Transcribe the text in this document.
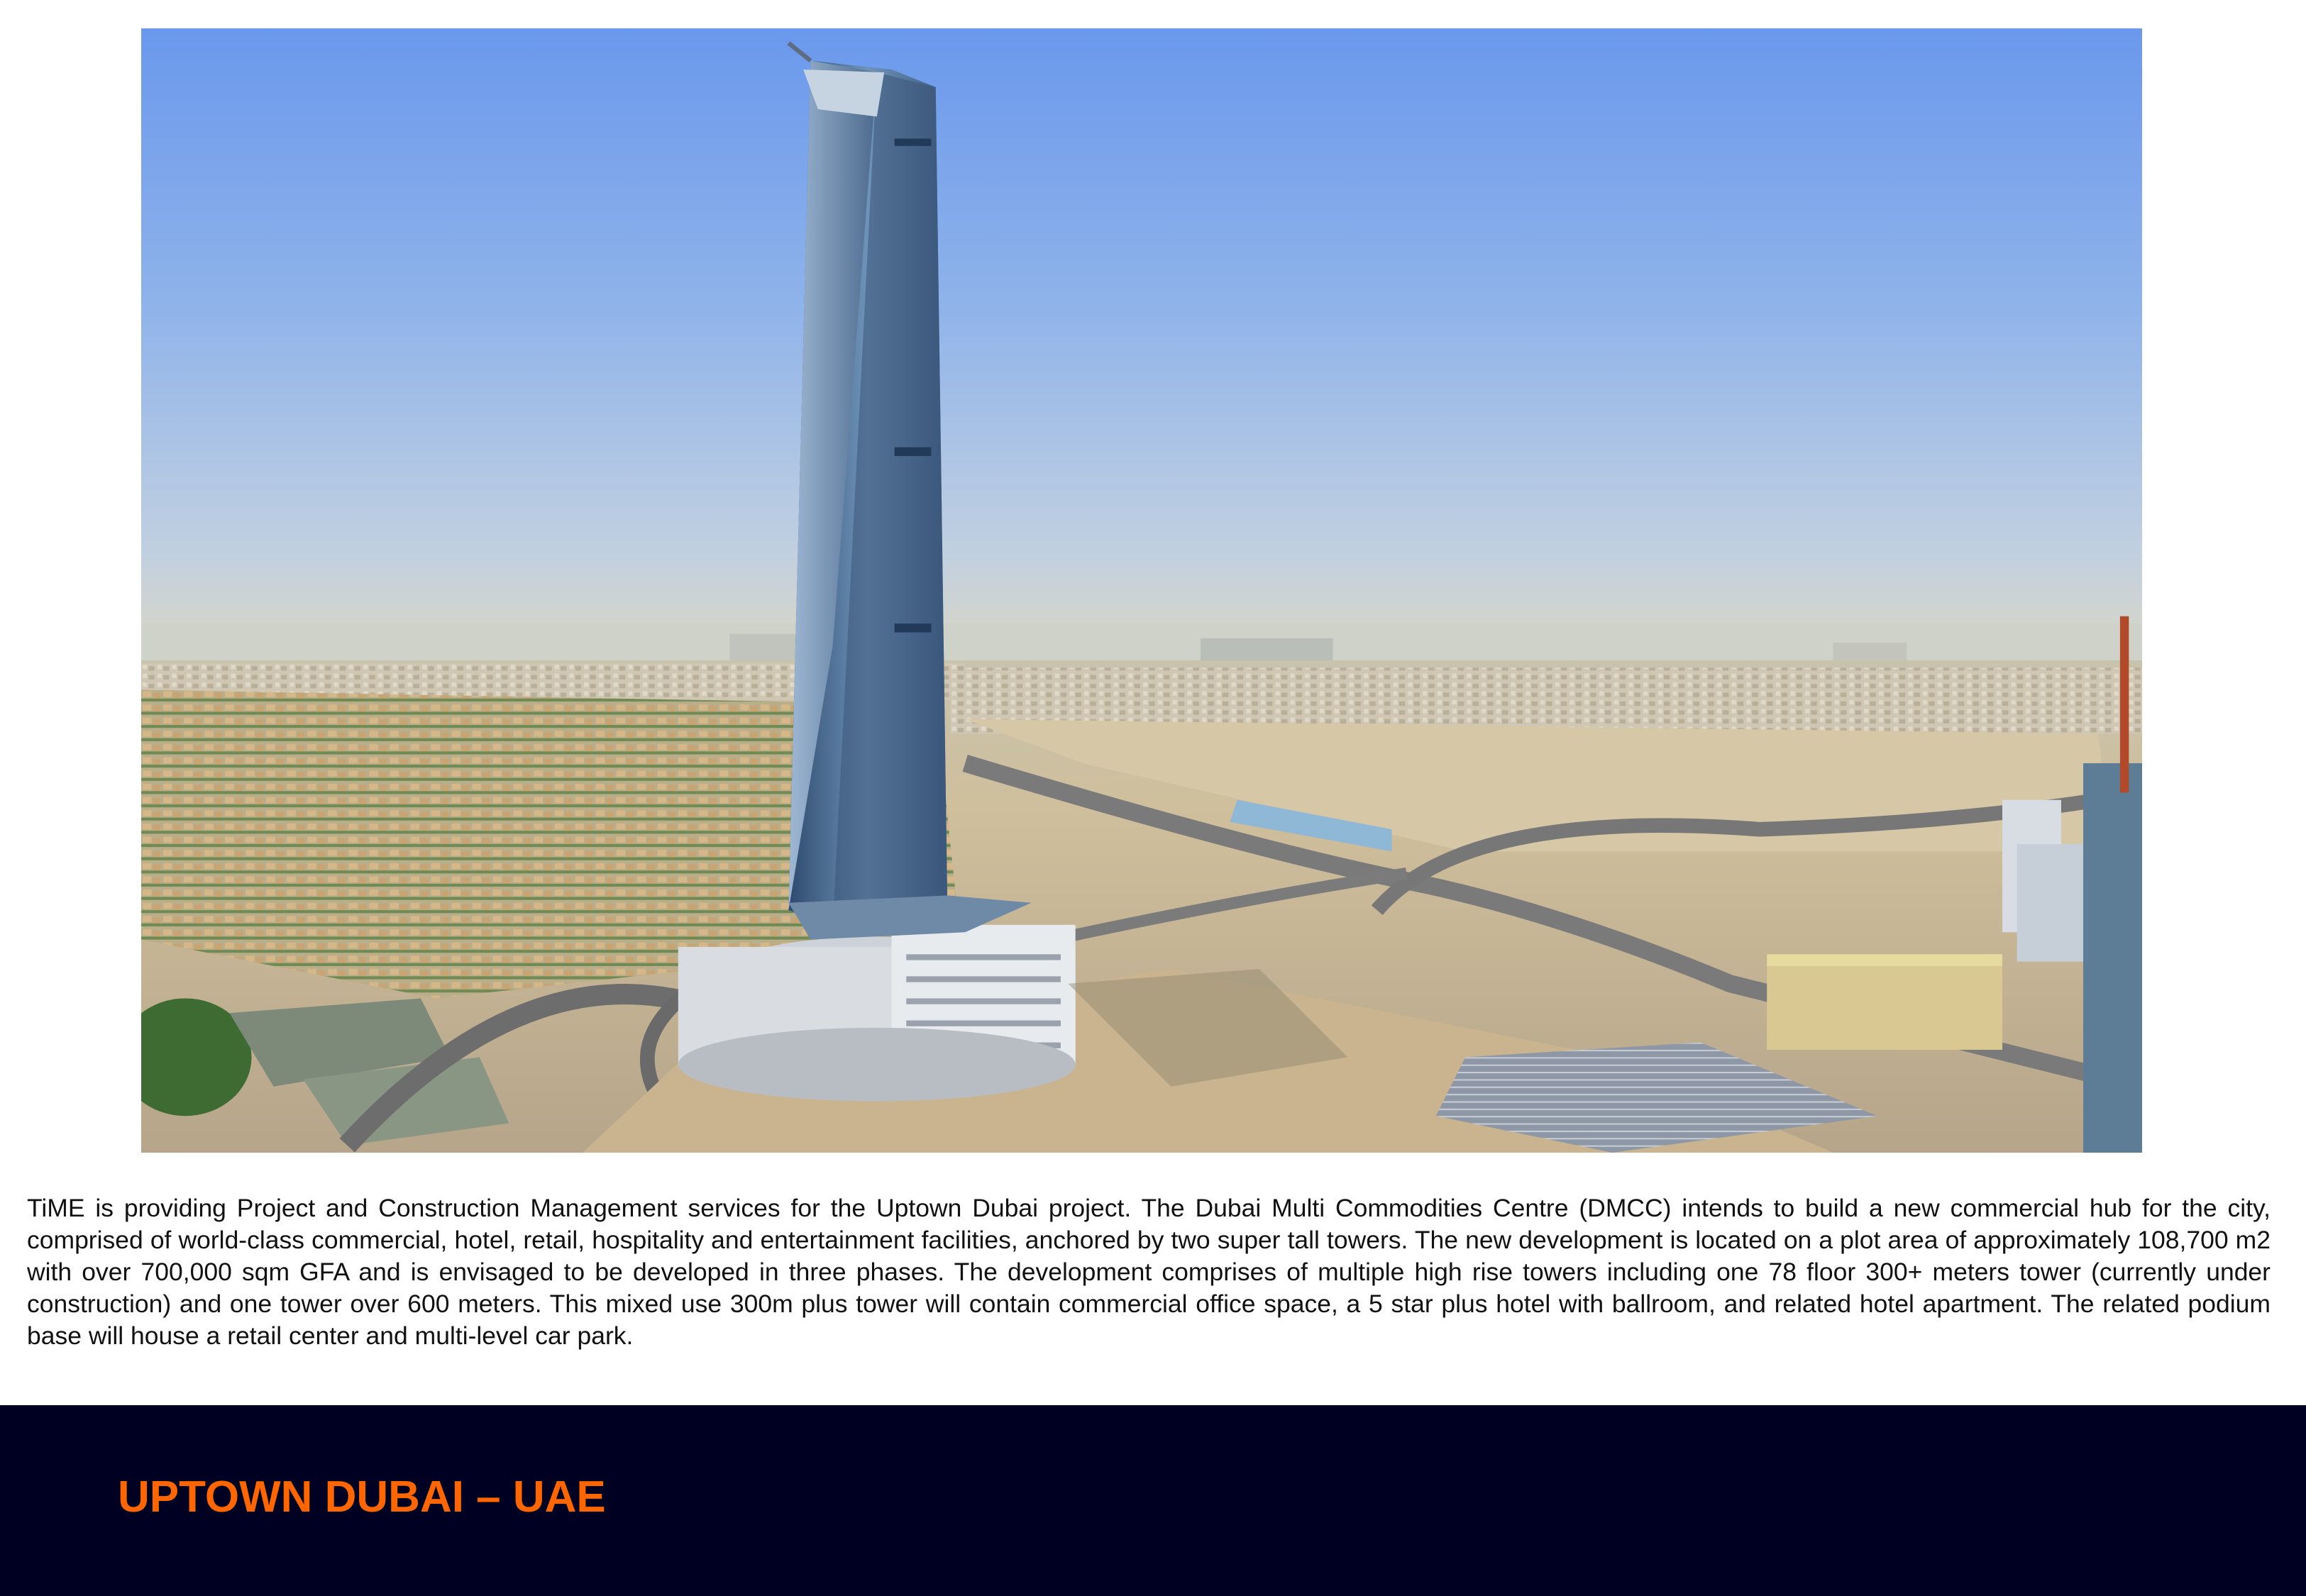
TiME is providing Project and Construction Management services for the Uptown Dubai project. The Dubai Multi Commodities Centre (DMCC) intends to build a new commercial hub for the city, comprised of world-class commercial, hotel, retail, hospitality and entertainment facilities, anchored by two super tall towers. The new development is located on a plot area of approximately 108,700 m2 with over 700,000 sqm GFA and is envisaged to be developed in three phases. The development comprises of multiple high rise towers including one 78 floor 300+ meters tower (currently under construction) and one tower over 600 meters. This mixed use 300m plus tower will contain commercial office space, a 5 star plus hotel with ballroom, and related hotel apartment. The related podium base will house a retail center and multi-level car park.

UPTOWN DUBAI – UAE
